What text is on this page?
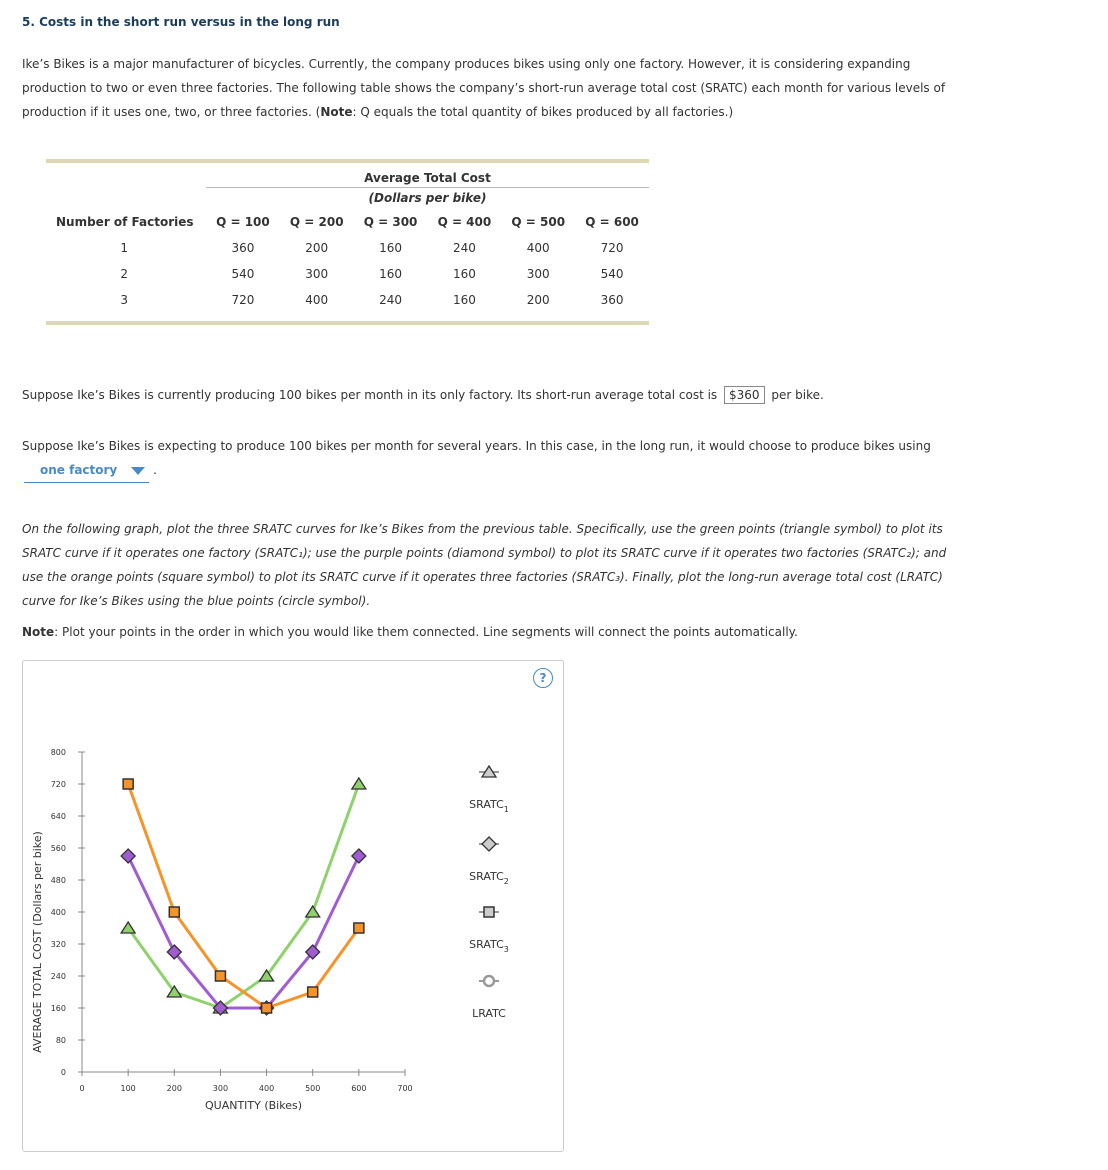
5. Costs in the short run versus in the long run
Ike’s Bikes is a major manufacturer of bicycles. Currently, the company produces bikes using only one factory. However, it is considering expanding production to two or even three factories. The following table shows the company’s short-run average total cost (SRATC) each month for various levels of production if it uses one, two, or three factories. (Note: Q equals the total quantity of bikes produced by all factories.)
	Average Total Cost					
	(Dollars per bike)					
Number of Factories	Q = 100	Q = 200	Q = 300	Q = 400	Q = 500	Q = 600
1	360	200	160	240	400	720
2	540	300	160	160	300	540
3	720	400	240	160	200	360
Suppose Ike’s Bikes is currently producing 100 bikes per month in its only factory. Its short-run average total cost is $360 per bike.
Suppose Ike’s Bikes is expecting to produce 100 bikes per month for several years. In this case, in the long run, it would choose to produce bikes using one factory	.
On the following graph, plot the three SRATC curves for Ike’s Bikes from the previous table. Specifically, use the green points (triangle symbol) to plot its SRATC curve if it operates one factory (SRATC₁); use the purple points (diamond symbol) to plot its SRATC curve if it operates two factories (SRATC₂); and use the orange points (square symbol) to plot its SRATC curve if it operates three factories (SRATC₃). Finally, plot the long-run average total cost (LRATC) curve for Ike’s Bikes using the blue points (circle symbol).
Note: Plot your points in the order in which you would like them connected. Line segments will connect the points automatically.
?
0	100	200	300	400	500	600	700
0
80
160
240
320
400
480
560
640
720
800
QUANTITY (Bikes)
AVERAGE TOTAL COST (Dollars per bike)
$SRATC_1$
$SRATC_2$
$SRATC_3$
LRATC
